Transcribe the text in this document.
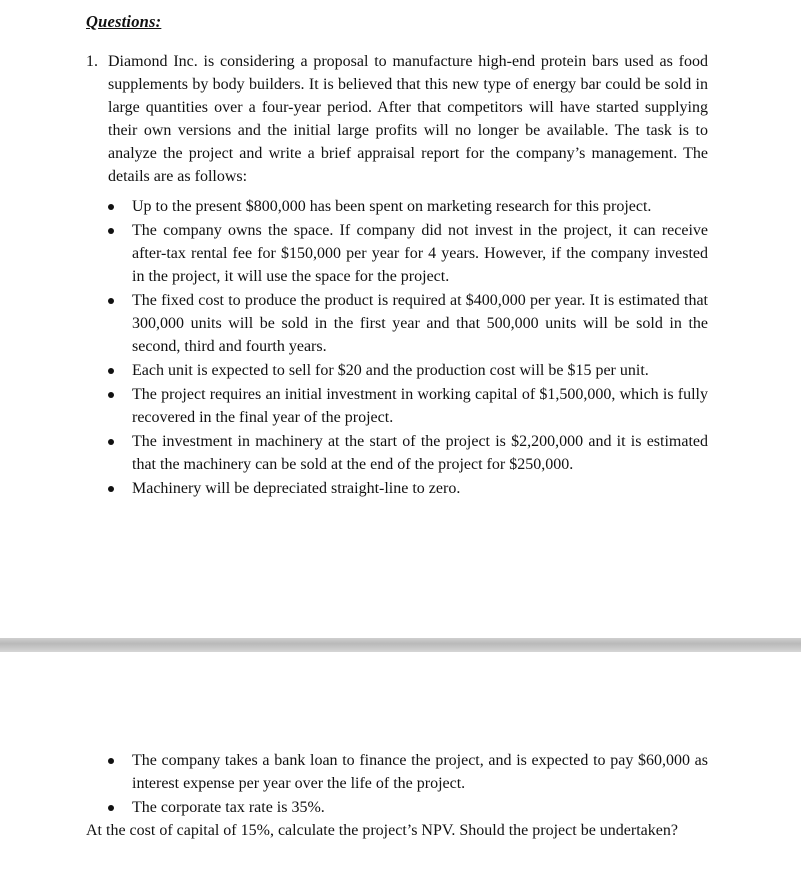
Questions:
1. Diamond Inc. is considering a proposal to manufacture high-end protein bars used as food supplements by body builders. It is believed that this new type of energy bar could be sold in large quantities over a four-year period. After that competitors will have started supplying their own versions and the initial large profits will no longer be available. The task is to analyze the project and write a brief appraisal report for the company’s management. The details are as follows:
Up to the present $800,000 has been spent on marketing research for this project.
The company owns the space. If company did not invest in the project, it can receive after-tax rental fee for $150,000 per year for 4 years. However, if the company invested in the project, it will use the space for the project.
The fixed cost to produce the product is required at $400,000 per year. It is estimated that 300,000 units will be sold in the first year and that 500,000 units will be sold in the second, third and fourth years.
Each unit is expected to sell for $20 and the production cost will be $15 per unit.
The project requires an initial investment in working capital of $1,500,000, which is fully recovered in the final year of the project.
The investment in machinery at the start of the project is $2,200,000 and it is estimated that the machinery can be sold at the end of the project for $250,000.
Machinery will be depreciated straight-line to zero.
The company takes a bank loan to finance the project, and is expected to pay $60,000 as interest expense per year over the life of the project.
The corporate tax rate is 35%.
At the cost of capital of 15%, calculate the project’s NPV. Should the project be undertaken?
